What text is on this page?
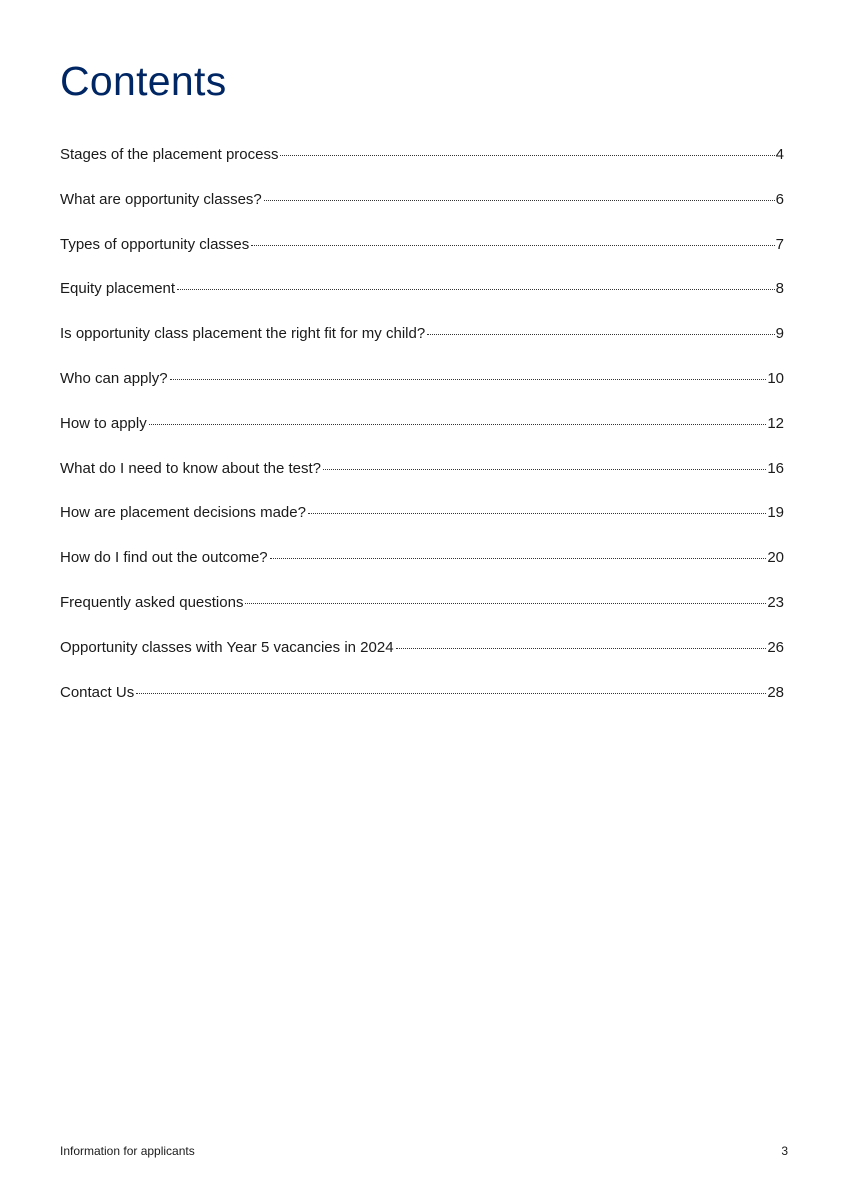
Contents
Stages of the placement process	4
What are opportunity classes?	6
Types of opportunity classes	7
Equity placement	8
Is opportunity class placement the right fit for my child?	9
Who can apply?	10
How to apply	12
What do I need to know about the test?	16
How are placement decisions made?	19
How do I find out the outcome?	20
Frequently asked questions	23
Opportunity classes with Year 5 vacancies in 2024	26
Contact Us	28
Information for applicants	3
